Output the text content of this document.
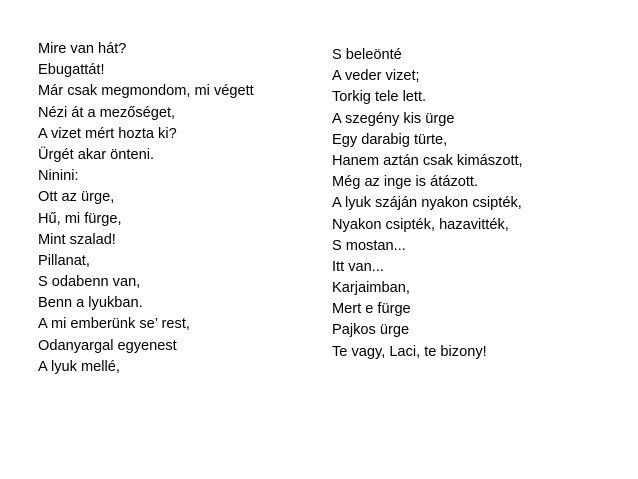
Mire van hát?
Ebugattát!
Már csak megmondom, mi végett
Nézi át a mezőséget,
A vizet mért hozta ki?
Ürgét akar önteni.
Ninini:
Ott az ürge,
Hű, mi fürge,
Mint szalad!
Pillanat,
S odabenn van,
Benn a lyukban.
A mi emberünk se’ rest,
Odanyargal egyenest
A lyuk mellé,
S beleönté
A veder vizet;
Torkig tele lett.
A szegény kis ürge
Egy darabig türte,
Hanem aztán csak kimászott,
Még az inge is átázott.
A lyuk száján nyakon csipték,
Nyakon csipték, hazavitték,
S mostan...
Itt van...
Karjaimban,
Mert e fürge
Pajkos ürge
Te vagy, Laci, te bizony!
